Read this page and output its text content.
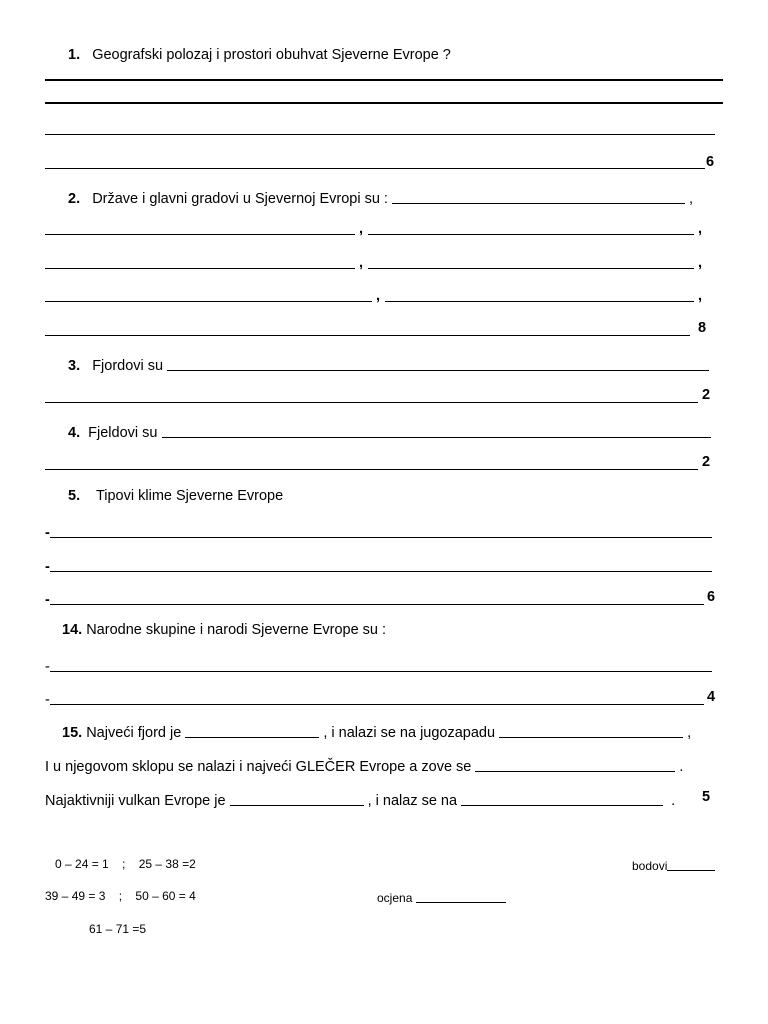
1. Geografski polozaj i prostori obuhvat Sjeverne Evrope ?
6
2.
Države i glavni gradovi u Sjevernoj Evropi su :

	,
,	,
,	,
,	,
8
3.
Fjordovi su

2
4.
Fjeldovi su

2
5. Tipovi klime Sjeverne Evrope
-
-
-	6
14. Narodne skupine i narodi Sjeverne Evrope su :
-
-	4
15.
Najveći fjord je

	, i nalazi se na jugozapadu

	,
I u njegovom sklopu se nalazi i najveći GLEČER Evrope a zove se

	.
Najaktivniji vulkan Evrope je

	, i nalaz se na

	. 5
0 – 24 = 1    ;    25 – 38 =2
39 – 49 = 3    ;    50 – 60 = 4
61 – 71 =5
bodovi
ocjena
